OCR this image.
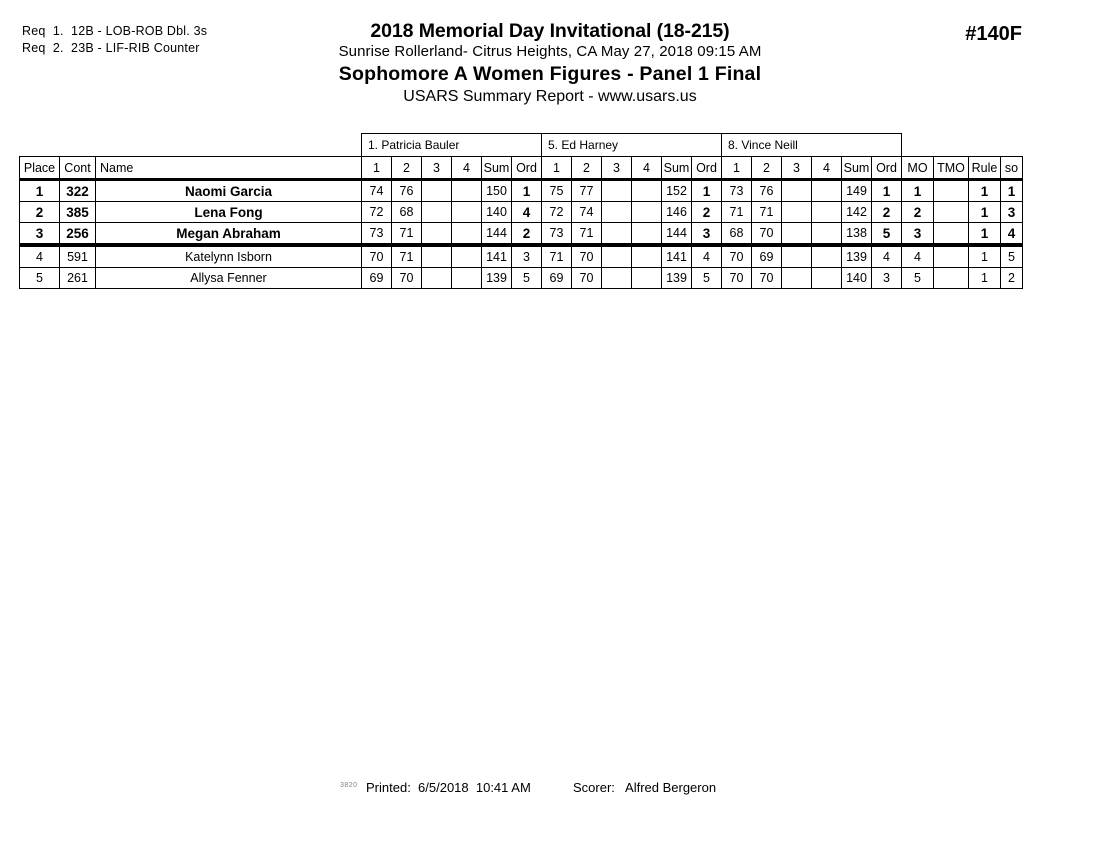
Req  1.  12B - LOB-ROB Dbl. 3s
Req  2.  23B - LIF-RIB Counter
2018 Memorial Day Invitational (18-215)
Sunrise Rollerland- Citrus Heights, CA May 27, 2018 09:15 AM
Sophomore A Women Figures - Panel 1 Final
USARS Summary Report - www.usars.us
#140F
			1. Patricia Bauler						5. Ed Harney						8. Vince Neill									
Place	Cont	Name	1	2	3	4	Sum	Ord	1	2	3	4	Sum	Ord	1	2	3	4	Sum	Ord	MO	TMO	Rule	so
1	322	Naomi Garcia	74	76			150	1	75	77			152	1	73	76			149	1	1		1	1
2	385	Lena Fong	72	68			140	4	72	74			146	2	71	71			142	2	2		1	3
3	256	Megan Abraham	73	71			144	2	73	71			144	3	68	70			138	5	3		1	4
4	591	Katelynn Isborn	70	71			141	3	71	70			141	4	70	69			139	4	4		1	5
5	261	Allysa Fenner	69	70			139	5	69	70			139	5	70	70			140	3	5		1	2
3820 Printed:  6/5/2018  10:41 AM	Scorer:   Alfred Bergeron
